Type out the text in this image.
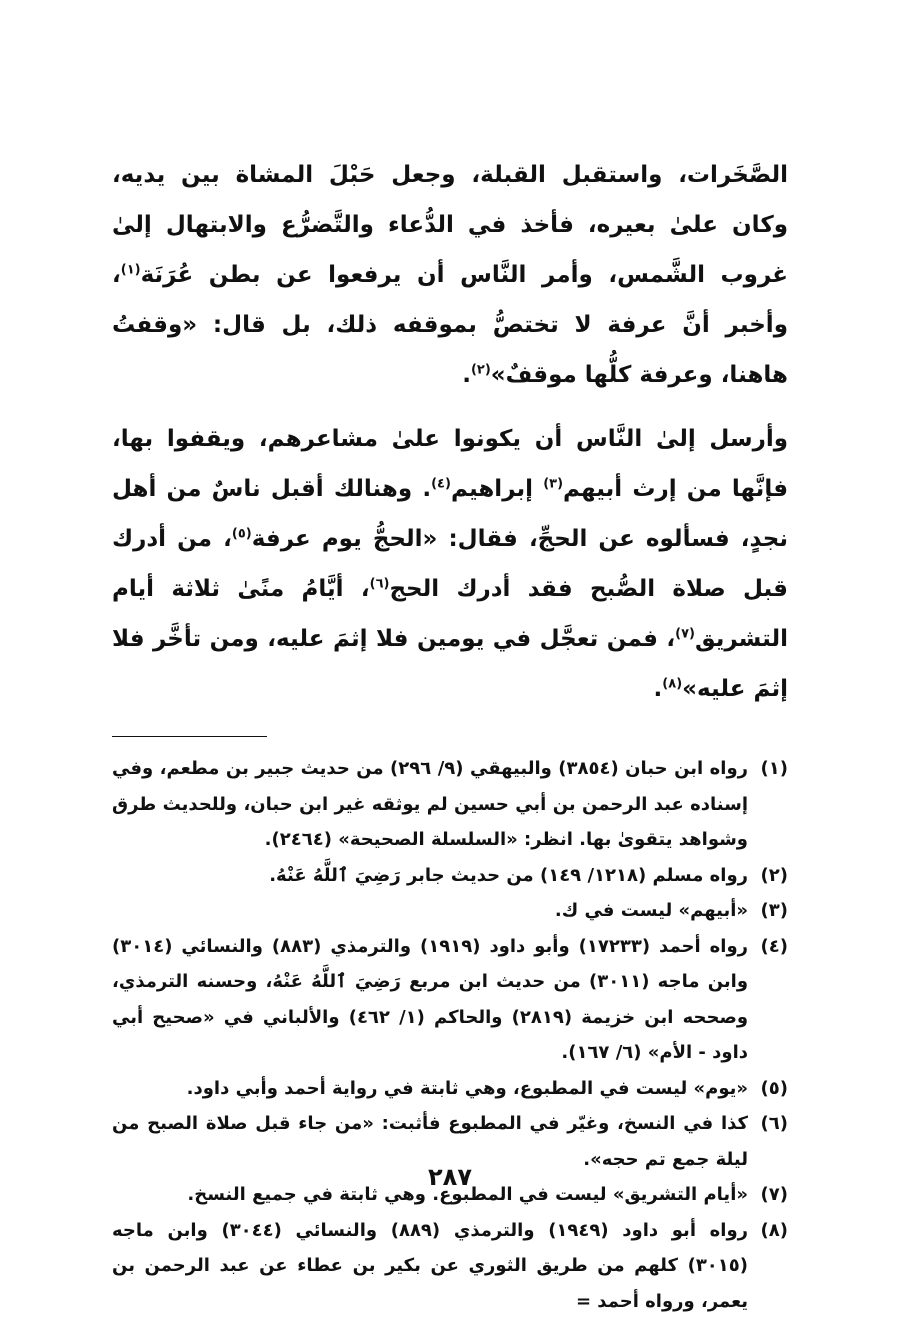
الصَّخَرات، واستقبل القبلة، وجعل حَبْلَ المشاة بين يديه، وكان علىٰ بعيره، فأخذ في الدُّعاء والتَّضرُّع والابتهال إلىٰ غروب الشَّمس، وأمر النَّاس أن يرفعوا عن بطن عُرَنَة$^{(١)}$، وأخبر أنَّ عرفة لا تختصُّ بموقفه ذلك، بل قال: «وقفتُ هاهنا، وعرفة كلُّها موقفٌ»$^{(٢)}$.

وأرسل إلىٰ النَّاس أن يكونوا علىٰ مشاعرهم، ويقفوا بها، فإنَّها من إرث أبيهم$^{(٣)}$ إبراهيم$^{(٤)}$. وهنالك أقبل ناسٌ من أهل نجدٍ، فسألوه عن الحجِّ، فقال: «الحجُّ يوم عرفة$^{(٥)}$، من أدرك قبل صلاة الصُّبح فقد أدرك الحج$^{(٦)}$، أيَّامُ منًىٰ ثلاثة أيام التشريق$^{(٧)}$، فمن تعجَّل في يومين فلا إثمَ عليه، ومن تأخَّر فلا إثمَ عليه»$^{(٨)}$.

(١)
رواه ابن حبان (٣٨٥٤) والبيهقي (٩/ ٢٩٦) من حديث جبير بن مطعم، وفي إسناده عبد الرحمن بن أبي حسين لم يوثقه غير ابن حبان، وللحديث طرق وشواهد يتقوىٰ بها. انظر: «السلسلة الصحيحة» (٢٤٦٤).
(٢)
رواه مسلم (١٢١٨/ ١٤٩) من حديث جابر رَضِيَ ٱللَّهُ عَنْهُ.
(٣)
«أبيهم» ليست في ك.
(٤)
رواه أحمد (١٧٢٣٣) وأبو داود (١٩١٩) والترمذي (٨٨٣) والنسائي (٣٠١٤) وابن ماجه (٣٠١١) من حديث ابن مربع رَضِيَ ٱللَّهُ عَنْهُ، وحسنه الترمذي، وصححه ابن خزيمة (٢٨١٩) والحاكم (١/ ٤٦٢) والألباني في «صحيح أبي داود - الأم» (٦/ ١٦٧).
(٥)
«يوم» ليست في المطبوع، وهي ثابتة في رواية أحمد وأبي داود.
(٦)
كذا في النسخ، وغيّر في المطبوع فأثبت: «من جاء قبل صلاة الصبح من ليلة جمع تم حجه».
(٧)
«أيام التشريق» ليست في المطبوع. وهي ثابتة في جميع النسخ.
(٨)
رواه أبو داود (١٩٤٩) والترمذي (٨٨٩) والنسائي (٣٠٤٤) وابن ماجه (٣٠١٥) كلهم من طريق الثوري عن بكير بن عطاء عن عبد الرحمن بن يعمر، ورواه أحمد =
٢٨٧
